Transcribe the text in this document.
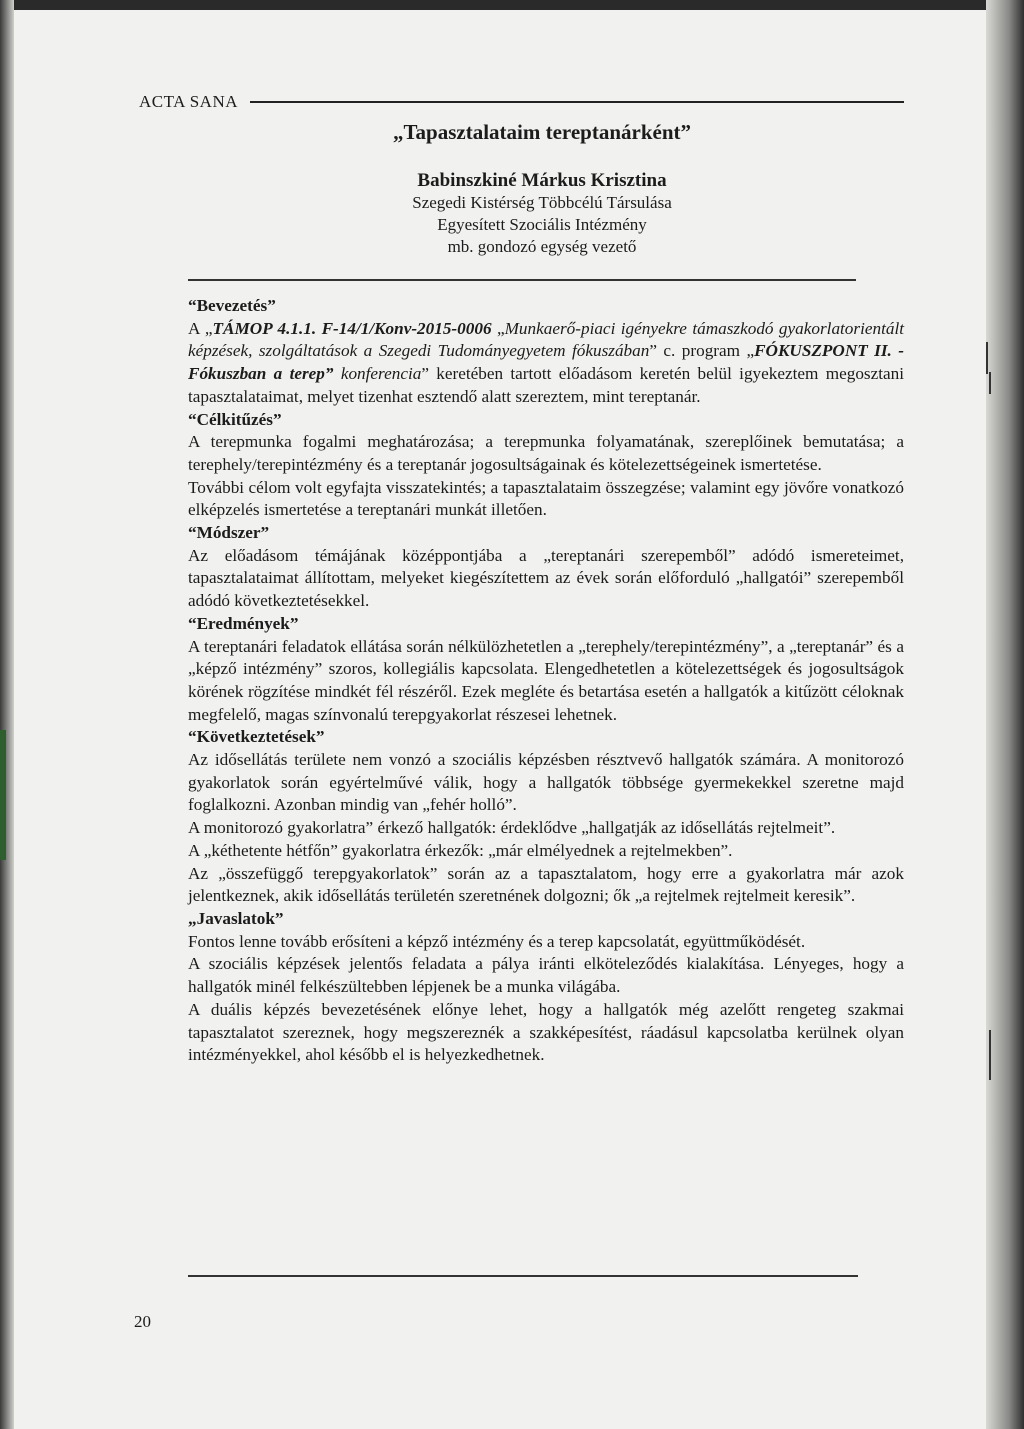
ACTA SANA
„Tapasztalataim tereptanárként”
Babinszkiné Márkus Krisztina
Szegedi Kistérség Többcélú Társulása
Egyesített Szociális Intézmény
mb. gondozó egység vezető

“Bevezetés”

A „TÁMOP 4.1.1. F-14/1/Konv-2015-0006 „Munkaerő-piaci igényekre támaszkodó gyakorlatorientált képzések, szolgáltatások a Szegedi Tudományegyetem fókuszában” c. program „FÓKUSZPONT II. - Fókuszban a terep” konferencia” keretében tartott előadásom keretén belül igyekeztem megosztani tapasztalataimat, melyet tizenhat esztendő alatt szereztem, mint tereptanár.

“Célkitűzés”

A terepmunka fogalmi meghatározása; a terepmunka folyamatának, szereplőinek bemutatása; a terephely/terepintézmény és a tereptanár jogosultságainak és kötelezettségeinek ismertetése.

További célom volt egyfajta visszatekintés; a tapasztalataim összegzése; valamint egy jövőre vonatkozó elképzelés ismertetése a tereptanári munkát illetően.

“Módszer”

Az előadásom témájának középpontjába a „tereptanári szerepemből” adódó ismereteimet, tapasztalataimat állítottam, melyeket kiegészítettem az évek során előforduló „hallgatói” szerepemből adódó következtetésekkel.

“Eredmények”

A tereptanári feladatok ellátása során nélkülözhetetlen a „terephely/terepintézmény”, a „tereptanár” és a „képző intézmény” szoros, kollegiális kapcsolata. Elengedhetetlen a kötelezettségek és jogosultságok körének rögzítése mindkét fél részéről. Ezek megléte és betartása esetén a hallgatók a kitűzött céloknak megfelelő, magas színvonalú terepgyakorlat részesei lehetnek.

“Következtetések”

Az idősellátás területe nem vonzó a szociális képzésben résztvevő hallgatók számára. A monitorozó gyakorlatok során egyértelművé válik, hogy a hallgatók többsége gyermekekkel szeretne majd foglalkozni. Azonban mindig van „fehér holló”.

A monitorozó gyakorlatra” érkező hallgatók: érdeklődve „hallgatják az idősellátás rejtelmeit”.

A „kéthetente hétfőn” gyakorlatra érkezők: „már elmélyednek a rejtelmekben”.

Az „összefüggő terepgyakorlatok” során az a tapasztalatom, hogy erre a gyakorlatra már azok jelentkeznek, akik idősellátás területén szeretnének dolgozni; ők „a rejtelmek rejtelmeit keresik”.

„Javaslatok”

Fontos lenne tovább erősíteni a képző intézmény és a terep kapcsolatát, együttműködését.

A szociális képzések jelentős feladata a pálya iránti elköteleződés kialakítása. Lényeges, hogy a hallgatók minél felkészültebben lépjenek be a munka világába.

A duális képzés bevezetésének előnye lehet, hogy a hallgatók még azelőtt rengeteg szakmai tapasztalatot szereznek, hogy megszereznék a szakképesítést, ráadásul kapcsolatba kerülnek olyan intézményekkel, ahol később el is helyezkedhetnek.

20
